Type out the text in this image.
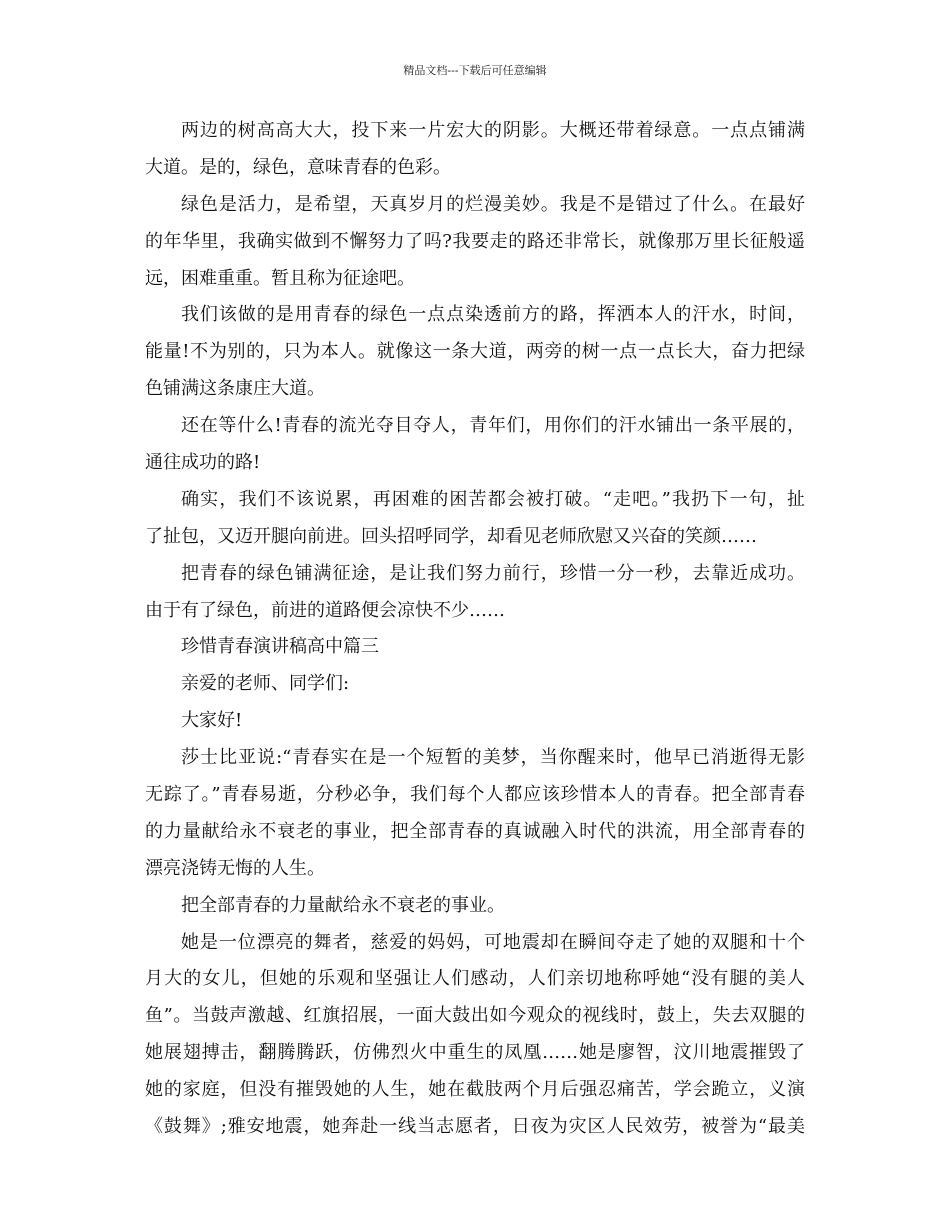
精品文档---下载后可任意编辑
两边的树高高大大，投下来一片宏大的阴影。大概还带着绿意。一点点铺满
大道。是的，绿色，意味青春的色彩。
绿色是活力，是希望，天真岁月的烂漫美妙。我是不是错过了什么。在最好
的年华里，我确实做到不懈努力了吗?我要走的路还非常长，就像那万里长征般遥
远，困难重重。暂且称为征途吧。
我们该做的是用青春的绿色一点点染透前方的路，挥洒本人的汗水，时间，
能量!不为别的，只为本人。就像这一条大道，两旁的树一点一点长大，奋力把绿
色铺满这条康庄大道。
还在等什么!青春的流光夺目夺人，青年们，用你们的汗水铺出一条平展的，
通往成功的路!
确实，我们不该说累，再困难的困苦都会被打破。“走吧。”我扔下一句，扯
了扯包，又迈开腿向前进。回头招呼同学，却看见老师欣慰又兴奋的笑颜……
把青春的绿色铺满征途，是让我们努力前行，珍惜一分一秒，去靠近成功。
由于有了绿色，前进的道路便会凉快不少……
珍惜青春演讲稿高中篇三
亲爱的老师、同学们:
大家好!
莎士比亚说:“青春实在是一个短暂的美梦，当你醒来时，他早已消逝得无影
无踪了。”青春易逝，分秒必争，我们每个人都应该珍惜本人的青春。把全部青春
的力量献给永不衰老的事业，把全部青春的真诚融入时代的洪流，用全部青春的
漂亮浇铸无悔的人生。
把全部青春的力量献给永不衰老的事业。
她是一位漂亮的舞者，慈爱的妈妈，可地震却在瞬间夺走了她的双腿和十个
月大的女儿，但她的乐观和坚强让人们感动，人们亲切地称呼她“没有腿的美人
鱼”。当鼓声激越、红旗招展，一面大鼓出如今观众的视线时，鼓上，失去双腿的
她展翅搏击，翻腾腾跃，仿佛烈火中重生的凤凰……她是廖智，汶川地震摧毁了
她的家庭，但没有摧毁她的人生，她在截肢两个月后强忍痛苦，学会跪立，义演
《鼓舞》;雅安地震，她奔赴一线当志愿者，日夜为灾区人民效劳，被誉为“最美
